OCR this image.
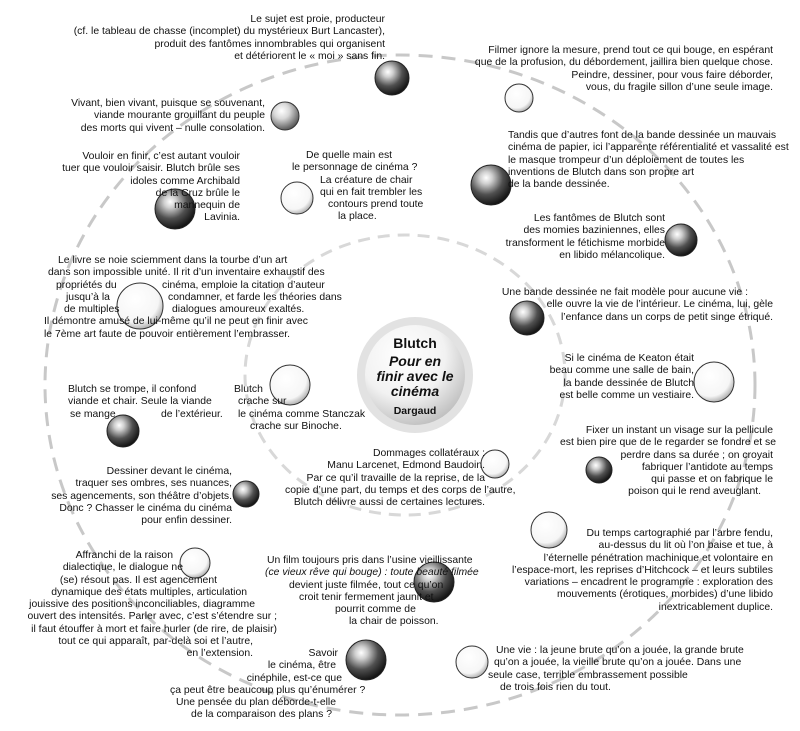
Blutch
Pour en
finir avec le
cinéma
Dargaud
Le sujet est proie, producteur
(cf. le tableau de chasse (incomplet) du mystérieux Burt Lancaster),
produit des fantômes innombrables qui organisent
et détériorent le « moi » sans fin.
Filmer ignore la mesure, prend tout ce qui bouge, en espérant
que de la profusion, du débordement, jaillira bien quelque chose.
Peindre, dessiner, pour vous faire déborder,
vous, du fragile sillon d’une seule image.
Vivant, bien vivant, puisque se souvenant,
viande mourante grouillant du peuple
des morts qui vivent – nulle consolation.
Tandis que d’autres font de la bande dessinée un mauvais
cinéma de papier, ici l’apparente référentialité et vassalité est
le masque trompeur d’un déploiement de toutes les
inventions de Blutch dans son propre art
de la bande dessinée.
Vouloir en finir, c’est autant vouloir
tuer que vouloir saisir. Blutch brûle ses
idoles comme Archibald
de la Cruz brûle le
mannequin de
Lavinia.
De quelle main est
le personnage de cinéma ?
La créature de chair
qui en fait trembler les
contours prend toute
la place.	Les fantômes de Blutch sont
des momies baziniennes, elles
transforment le fétichisme morbide
en libido mélancolique.
Le livre se noie sciemment dans la tourbe d’un art
dans son impossible unité. Il rit d’un inventaire exhaustif des
propriétés du	cinéma, emploie la citation d’auteur
jusqu’à la	condamner, et farde les théories dans
de multiples	dialogues amoureux exaltés.
Il démontre amusé de lui-même qu’il ne peut en finir avec
le 7ème art faute de pouvoir entièrement l’embrasser.
Une bande dessinée ne fait modèle pour aucune vie :
elle ouvre la vie de l’intérieur. Le cinéma, lui, gèle
l’enfance dans un corps de petit singe étriqué.
Si le cinéma de Keaton était
beau comme une salle de bain,
la bande dessinée de Blutch
est belle comme un vestiaire.
Blutch se trompe, il confond
viande et chair. Seule la viande
se mange	de l’extérieur.
Blutch
crache sur
le cinéma comme Stanczak
crache sur Binoche.	Fixer un instant un visage sur la pellicule
est bien pire que de le regarder se fondre et se
perdre dans sa durée ; on croyait
fabriquer l’antidote au temps
qui passe et on fabrique le
poison qui le rend aveuglant.
Dommages collatéraux :
Manu Larcenet, Edmond Baudoin.
Par ce qu’il travaille de la reprise, de la
copie d’une part, du temps et des corps de l’autre,
Blutch délivre aussi de certaines lectures.
Dessiner devant le cinéma,
traquer ses ombres, ses nuances,
ses agencements, son théâtre d’objets.
Donc ? Chasser le cinéma du cinéma
pour enfin dessiner.
Du temps cartographié par l’arbre fendu,
au-dessus du lit où l’on baise et tue, à
l’éternelle pénétration machinique et volontaire en
l’espace-mort, les reprises d’Hitchcock – et leurs subtiles
variations – encadrent le programme : exploration des
mouvements (érotiques, morbides) d’une libido
inextricablement duplice.
Affranchi de la raison
dialectique, le dialogue ne
(se) résout pas. Il est agencement
dynamique des états multiples, articulation
jouissive des positions inconciliables, diagramme
ouvert des intensités. Parler avec, c’est s’étendre sur ;
il faut étouffer à mort et faire hurler (de rire, de plaisir)
tout ce qui apparaît, par-delà soi et l’autre,
en l’extension.
Un film toujours pris dans l’usine vieillissante
(ce vieux rêve qui bouge) : toute beauté filmée
devient juste filmée, tout ce qu’on
croit tenir fermement jaunit et
pourrit comme de
la chair de poisson.
Savoir
le cinéma, être
cinéphile, est-ce que
ça peut être beaucoup plus qu’énumérer ?
Une pensée du plan déborde-t-elle
de la comparaison des plans ?
Une vie : la jeune brute qu’on a jouée, la grande brute
qu’on a jouée, la vieille brute qu’on a jouée. Dans une
seule case, terrible embrassement possible
de trois fois rien du tout.
